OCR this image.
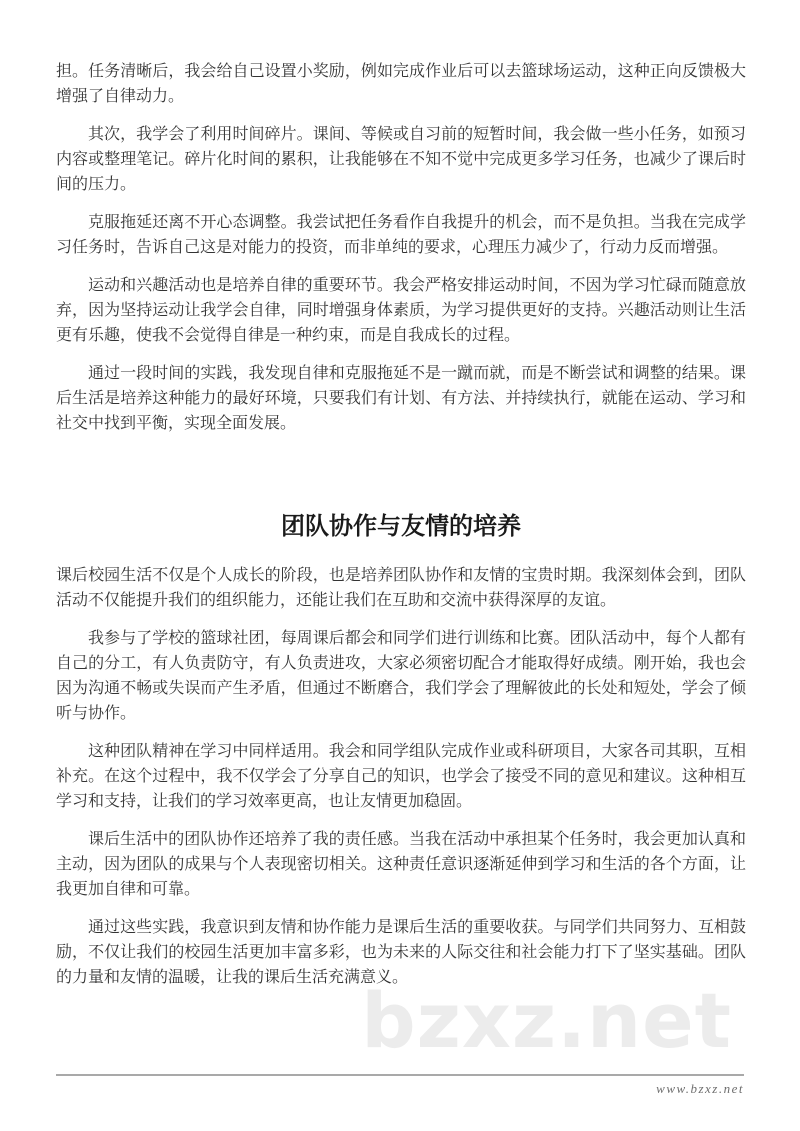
bzxz.net

担。任务清晰后，我会给自己设置小奖励，例如完成作业后可以去篮球场运动，这种正向反馈极大增强了自律动力。

其次，我学会了利用时间碎片。课间、等候或自习前的短暂时间，我会做一些小任务，如预习内容或整理笔记。碎片化时间的累积，让我能够在不知不觉中完成更多学习任务，也减少了课后时间的压力。

克服拖延还离不开心态调整。我尝试把任务看作自我提升的机会，而不是负担。当我在完成学习任务时，告诉自己这是对能力的投资，而非单纯的要求，心理压力减少了，行动力反而增强。

运动和兴趣活动也是培养自律的重要环节。我会严格安排运动时间，不因为学习忙碌而随意放弃，因为坚持运动让我学会自律，同时增强身体素质，为学习提供更好的支持。兴趣活动则让生活更有乐趣，使我不会觉得自律是一种约束，而是自我成长的过程。

通过一段时间的实践，我发现自律和克服拖延不是一蹴而就，而是不断尝试和调整的结果。课后生活是培养这种能力的最好环境，只要我们有计划、有方法、并持续执行，就能在运动、学习和社交中找到平衡，实现全面发展。

团队协作与友情的培养

课后校园生活不仅是个人成长的阶段，也是培养团队协作和友情的宝贵时期。我深刻体会到，团队活动不仅能提升我们的组织能力，还能让我们在互助和交流中获得深厚的友谊。

我参与了学校的篮球社团，每周课后都会和同学们进行训练和比赛。团队活动中，每个人都有自己的分工，有人负责防守，有人负责进攻，大家必须密切配合才能取得好成绩。刚开始，我也会因为沟通不畅或失误而产生矛盾，但通过不断磨合，我们学会了理解彼此的长处和短处，学会了倾听与协作。

这种团队精神在学习中同样适用。我会和同学组队完成作业或科研项目，大家各司其职，互相补充。在这个过程中，我不仅学会了分享自己的知识，也学会了接受不同的意见和建议。这种相互学习和支持，让我们的学习效率更高，也让友情更加稳固。

课后生活中的团队协作还培养了我的责任感。当我在活动中承担某个任务时，我会更加认真和主动，因为团队的成果与个人表现密切相关。这种责任意识逐渐延伸到学习和生活的各个方面，让我更加自律和可靠。

通过这些实践，我意识到友情和协作能力是课后生活的重要收获。与同学们共同努力、互相鼓励，不仅让我们的校园生活更加丰富多彩，也为未来的人际交往和社会能力打下了坚实基础。团队的力量和友情的温暖，让我的课后生活充满意义。

www.bzxz.net
